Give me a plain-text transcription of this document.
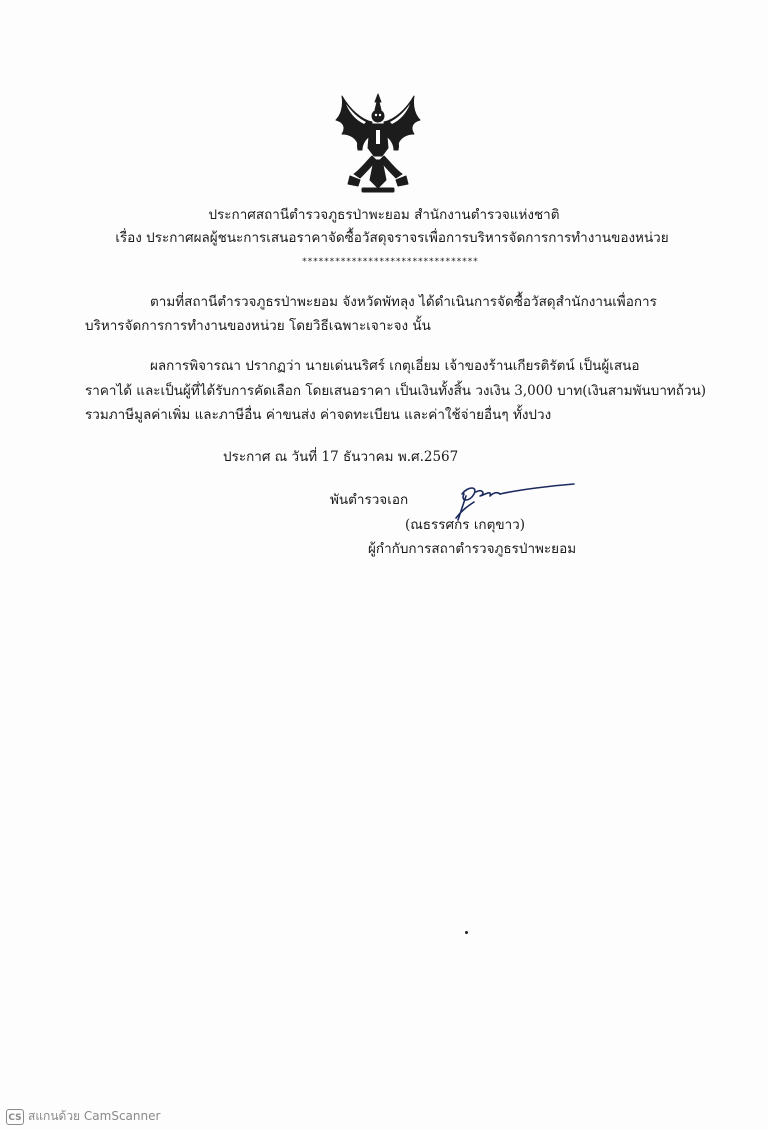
ประกาศสถานีตำรวจภูธรป่าพะยอม สำนักงานตำรวจแห่งชาติ
เรื่อง ประกาศผลผู้ชนะการเสนอราคาจัดซื้อวัสดุจราจรเพื่อการบริหารจัดการการทำงานของหน่วย
********************************
ตามที่สถานีตำรวจภูธรป่าพะยอม จังหวัดพัทลุง ได้ดำเนินการจัดซื้อวัสดุสำนักงานเพื่อการ
บริหารจัดการการทำงานของหน่วย โดยวิธีเฉพาะเจาะจง นั้น
ผลการพิจารณา ปรากฏว่า นายเด่นนริศร์ เกตุเอี่ยม เจ้าของร้านเกียรติรัตน์ เป็นผู้เสนอ
ราคาได้ และเป็นผู้ที่ได้รับการคัดเลือก โดยเสนอราคา เป็นเงินทั้งสิ้น วงเงิน 3,000 บาท(เงินสามพันบาทถ้วน)
รวมภาษีมูลค่าเพิ่ม และภาษีอื่น ค่าขนส่ง ค่าจดทะเบียน และค่าใช้จ่ายอื่นๆ ทั้งปวง
ประกาศ ณ วันที่ 17 ธันวาคม พ.ศ.2567
พันตำรวจเอก
(ณธรรศกร เกตุขาว)
ผู้กำกับการสถาตำรวจภูธรป่าพะยอม
CS สแกนด้วย CamScanner
